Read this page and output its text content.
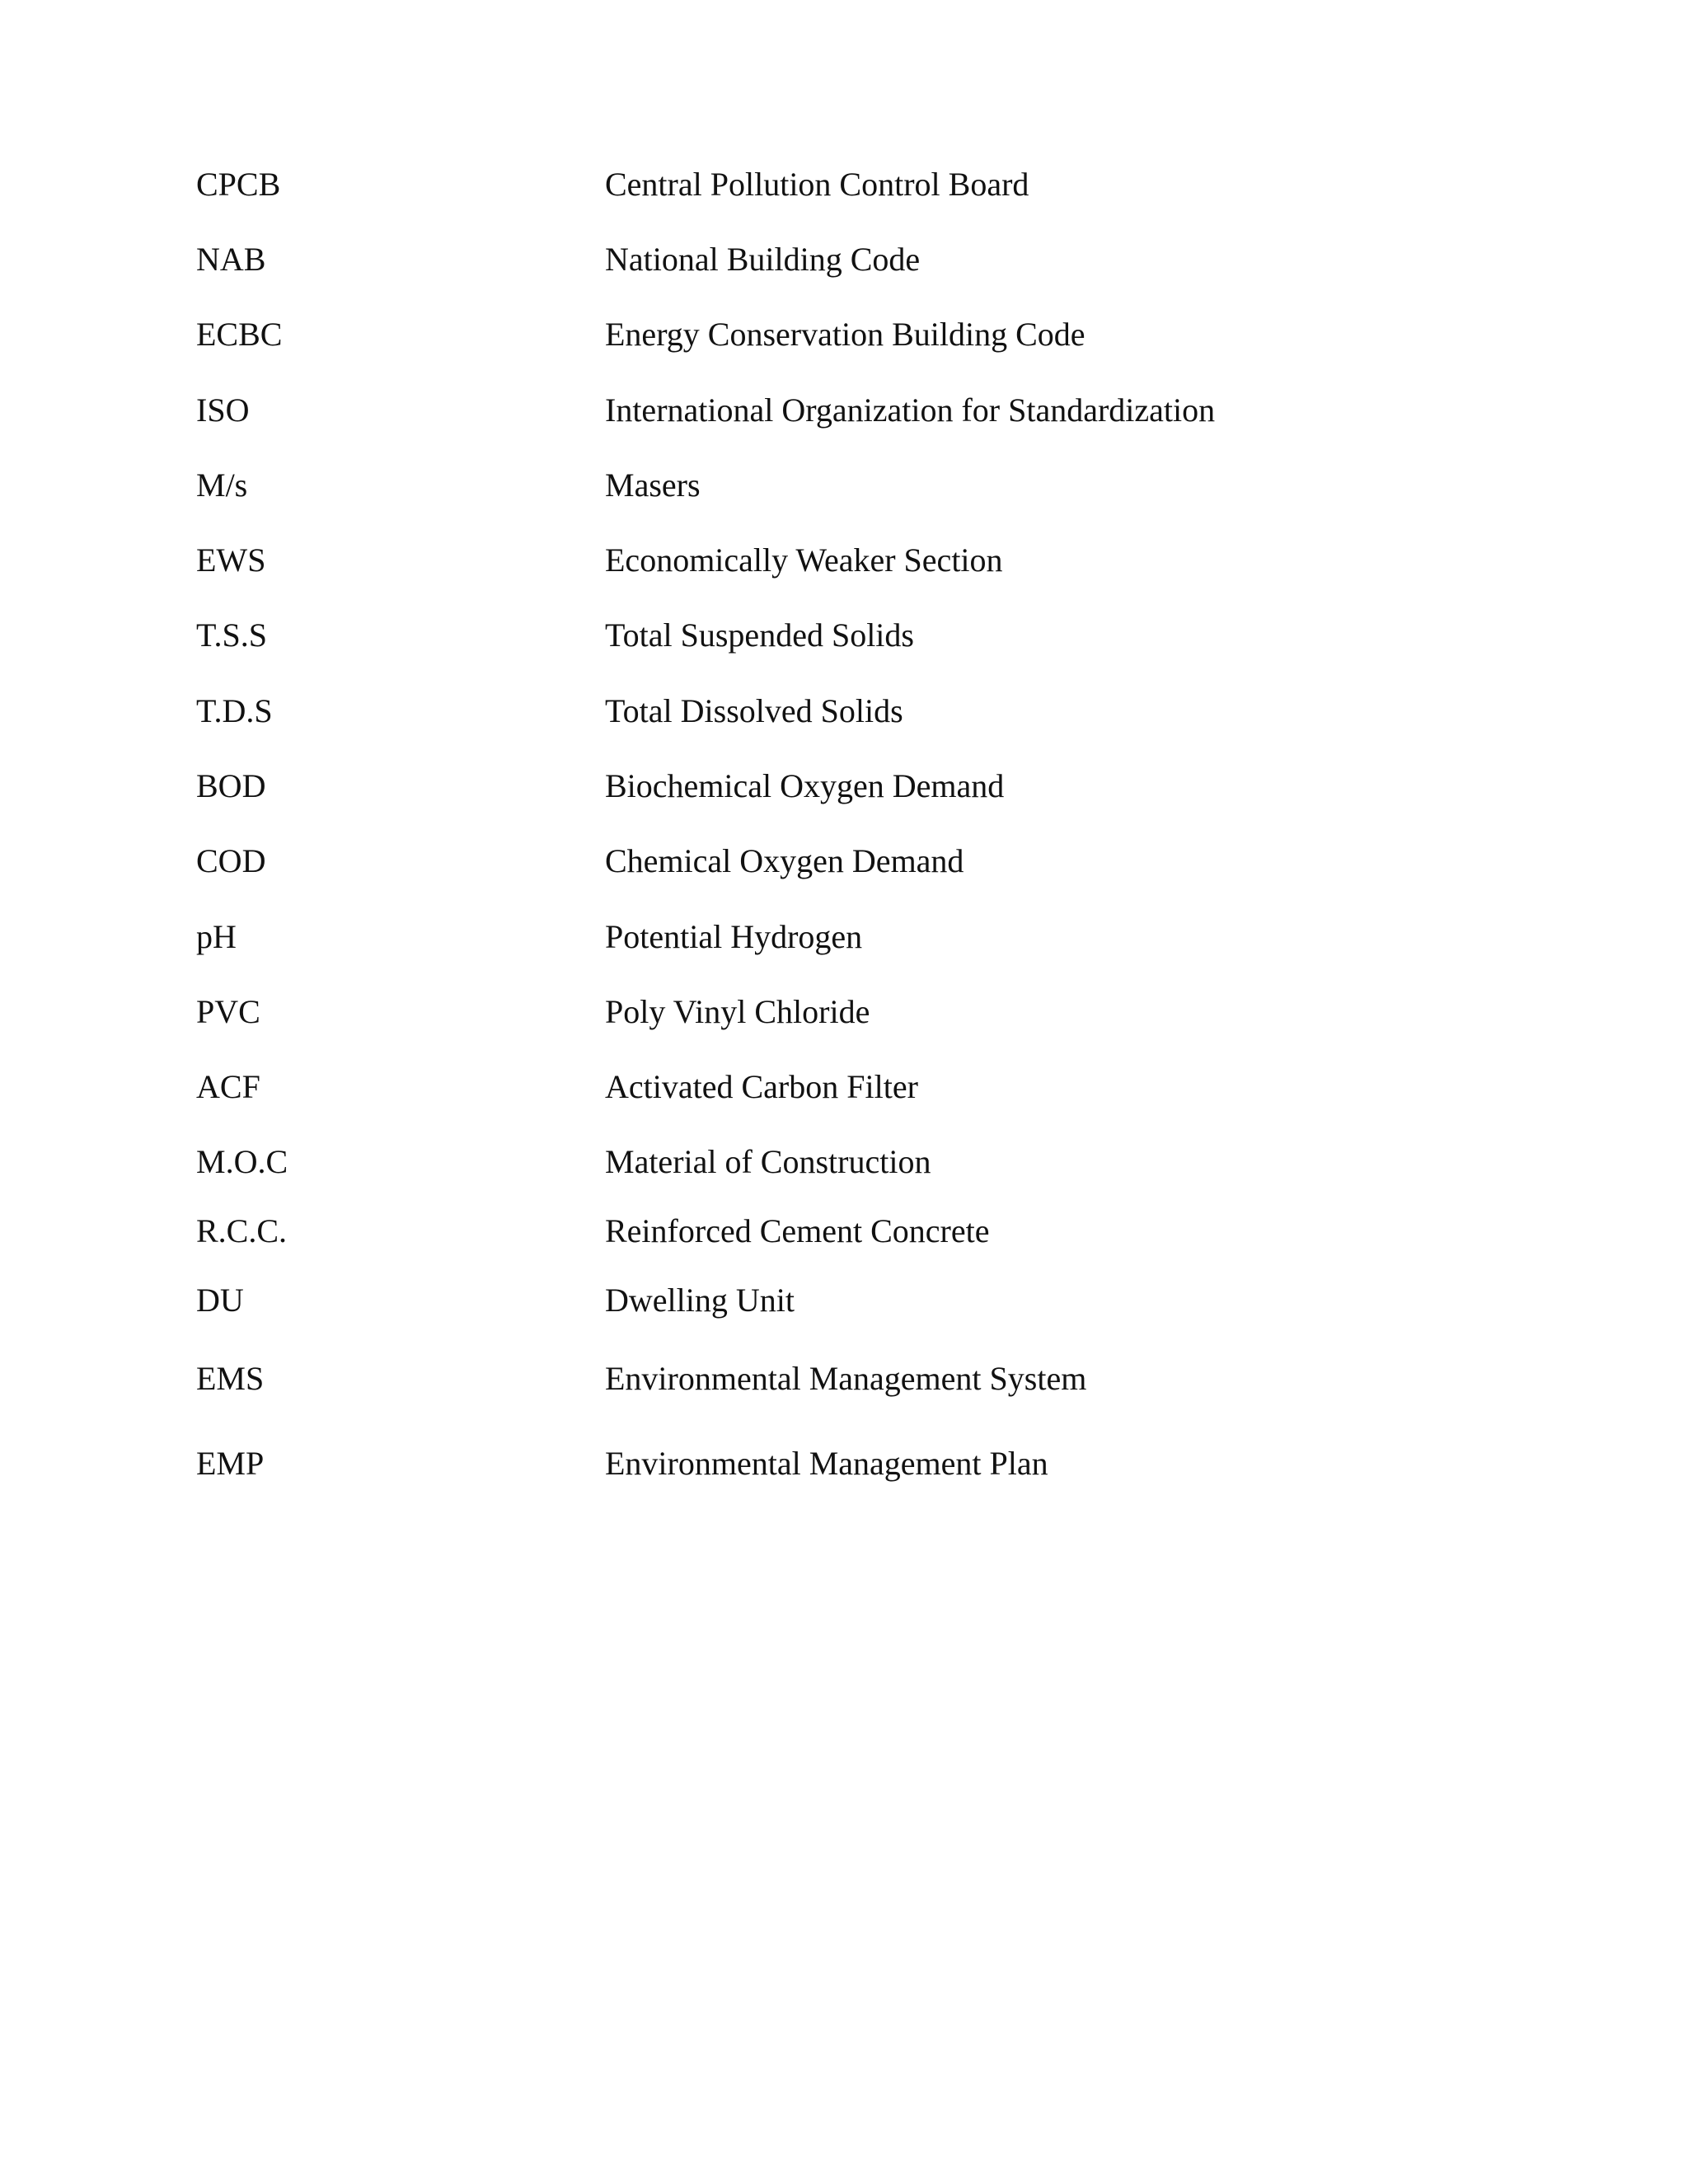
CPCB	Central Pollution Control Board
NAB	National Building Code
ECBC	Energy Conservation Building Code
ISO	International Organization for Standardization
M/s	Masers
EWS	Economically Weaker Section
T.S.S	Total Suspended Solids
T.D.S	Total Dissolved Solids
BOD	Biochemical Oxygen Demand
COD	Chemical Oxygen Demand
pH	Potential Hydrogen
PVC	Poly Vinyl Chloride
ACF	Activated Carbon Filter
M.O.C	Material of Construction
R.C.C.	Reinforced Cement Concrete
DU	Dwelling Unit
EMS	Environmental Management System
EMP	Environmental Management Plan
